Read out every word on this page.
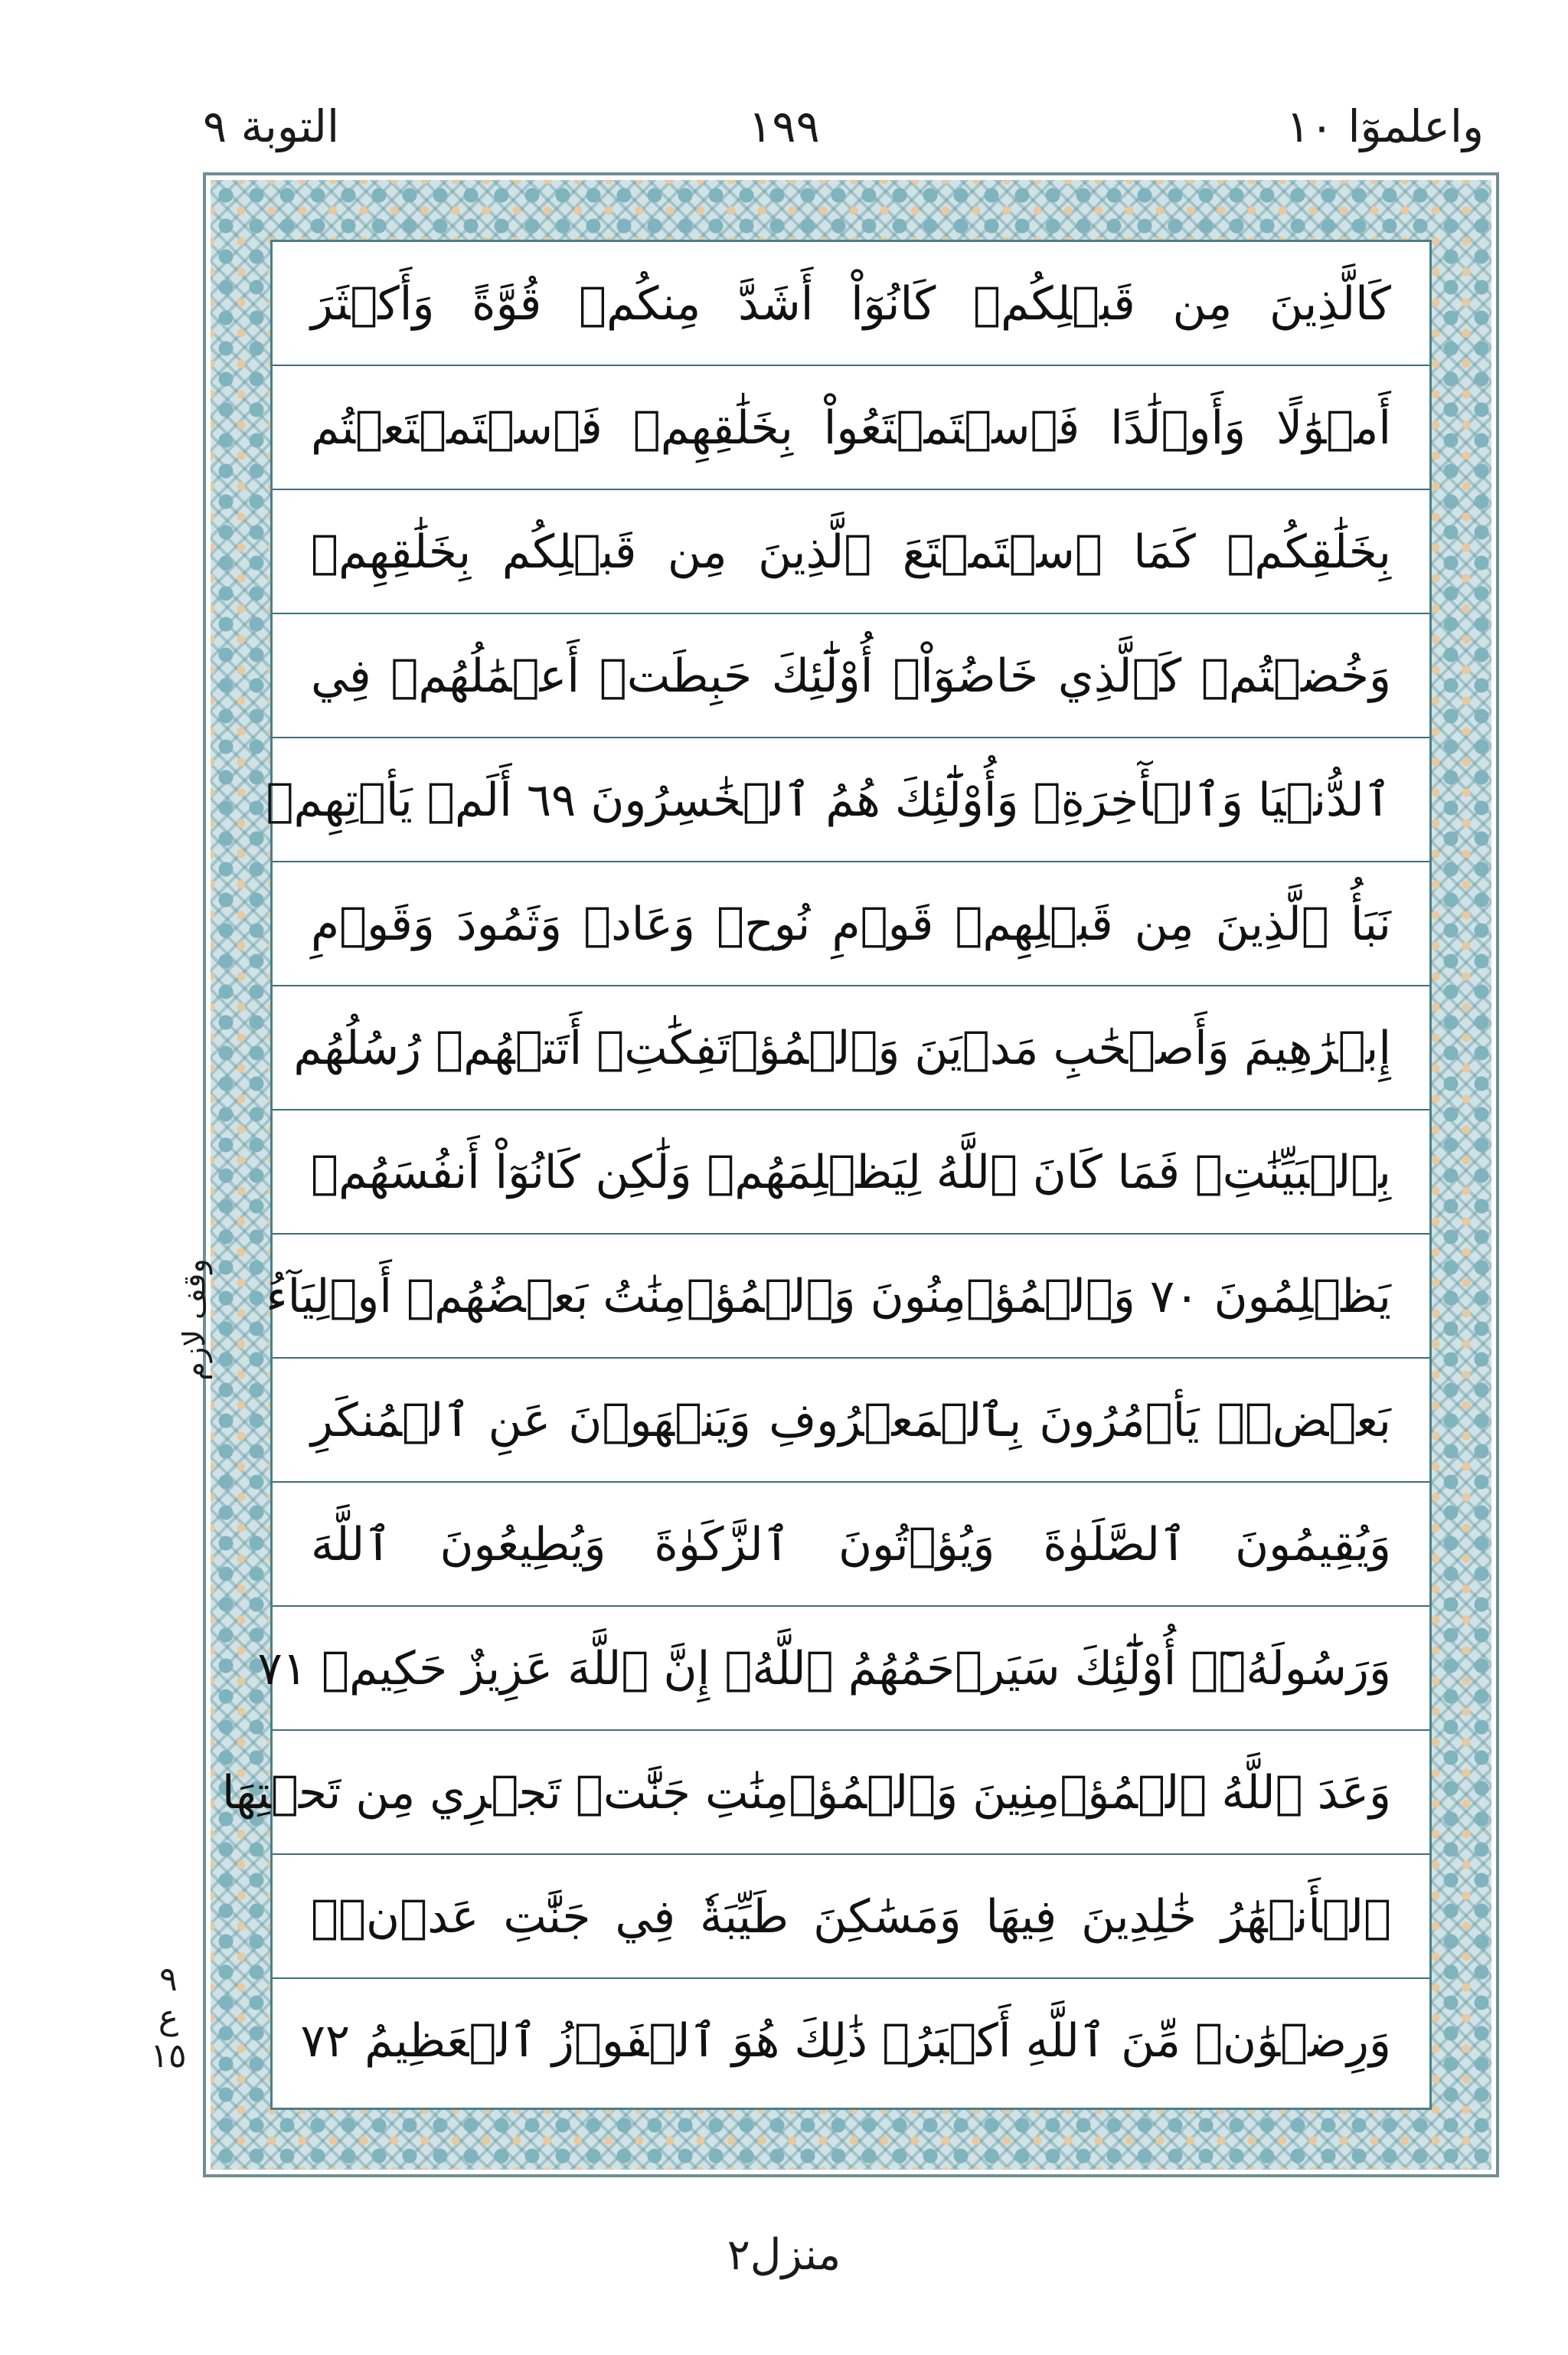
واعلموٓا ١٠
١٩٩
التوبة ٩
كَالَّذِينَ مِن قَبۡلِكُمۡ كَانُوٓاْ أَشَدَّ مِنكُمۡ قُوَّةً وَأَكۡثَرَ
أَمۡوَٰلًا وَأَوۡلَٰدًا فَٱسۡتَمۡتَعُواْ بِخَلَٰقِهِمۡ فَٱسۡتَمۡتَعۡتُم
بِخَلَٰقِكُمۡ كَمَا ٱسۡتَمۡتَعَ ٱلَّذِينَ مِن قَبۡلِكُم بِخَلَٰقِهِمۡ
وَخُضۡتُمۡ كَٱلَّذِي خَاضُوٓاْۚ أُوْلَٰٓئِكَ حَبِطَتۡ أَعۡمَٰلُهُمۡ فِي
ٱلدُّنۡيَا وَٱلۡأٓخِرَةِۖ وَأُوْلَٰٓئِكَ هُمُ ٱلۡخَٰسِرُونَ ٦٩ أَلَمۡ يَأۡتِهِمۡ
نَبَأُ ٱلَّذِينَ مِن قَبۡلِهِمۡ قَوۡمِ نُوحٖ وَعَادٖ وَثَمُودَ وَقَوۡمِ
إِبۡرَٰهِيمَ وَأَصۡحَٰبِ مَدۡيَنَ وَٱلۡمُؤۡتَفِكَٰتِۚ أَتَتۡهُمۡ رُسُلُهُم
بِٱلۡبَيِّنَٰتِۖ فَمَا كَانَ ٱللَّهُ لِيَظۡلِمَهُمۡ وَلَٰكِن كَانُوٓاْ أَنفُسَهُمۡ
يَظۡلِمُونَ ٧٠ وَٱلۡمُؤۡمِنُونَ وَٱلۡمُؤۡمِنَٰتُ بَعۡضُهُمۡ أَوۡلِيَآءُ
بَعۡضٖۚ يَأۡمُرُونَ بِٱلۡمَعۡرُوفِ وَيَنۡهَوۡنَ عَنِ ٱلۡمُنكَرِ
وَيُقِيمُونَ ٱلصَّلَوٰةَ وَيُؤۡتُونَ ٱلزَّكَوٰةَ وَيُطِيعُونَ ٱللَّهَ
وَرَسُولَهُۥٓۚ أُوْلَٰٓئِكَ سَيَرۡحَمُهُمُ ٱللَّهُۗ إِنَّ ٱللَّهَ عَزِيزٌ حَكِيمٞ ٧١
وَعَدَ ٱللَّهُ ٱلۡمُؤۡمِنِينَ وَٱلۡمُؤۡمِنَٰتِ جَنَّٰتٖ تَجۡرِي مِن تَحۡتِهَا
ٱلۡأَنۡهَٰرُ خَٰلِدِينَ فِيهَا وَمَسَٰكِنَ طَيِّبَةٗ فِي جَنَّٰتِ عَدۡنٖۚ
وَرِضۡوَٰنٞ مِّنَ ٱللَّهِ أَكۡبَرُۚ ذَٰلِكَ هُوَ ٱلۡفَوۡزُ ٱلۡعَظِيمُ ٧٢
وقف لازم
٩
ع
١٥
منزل٢
